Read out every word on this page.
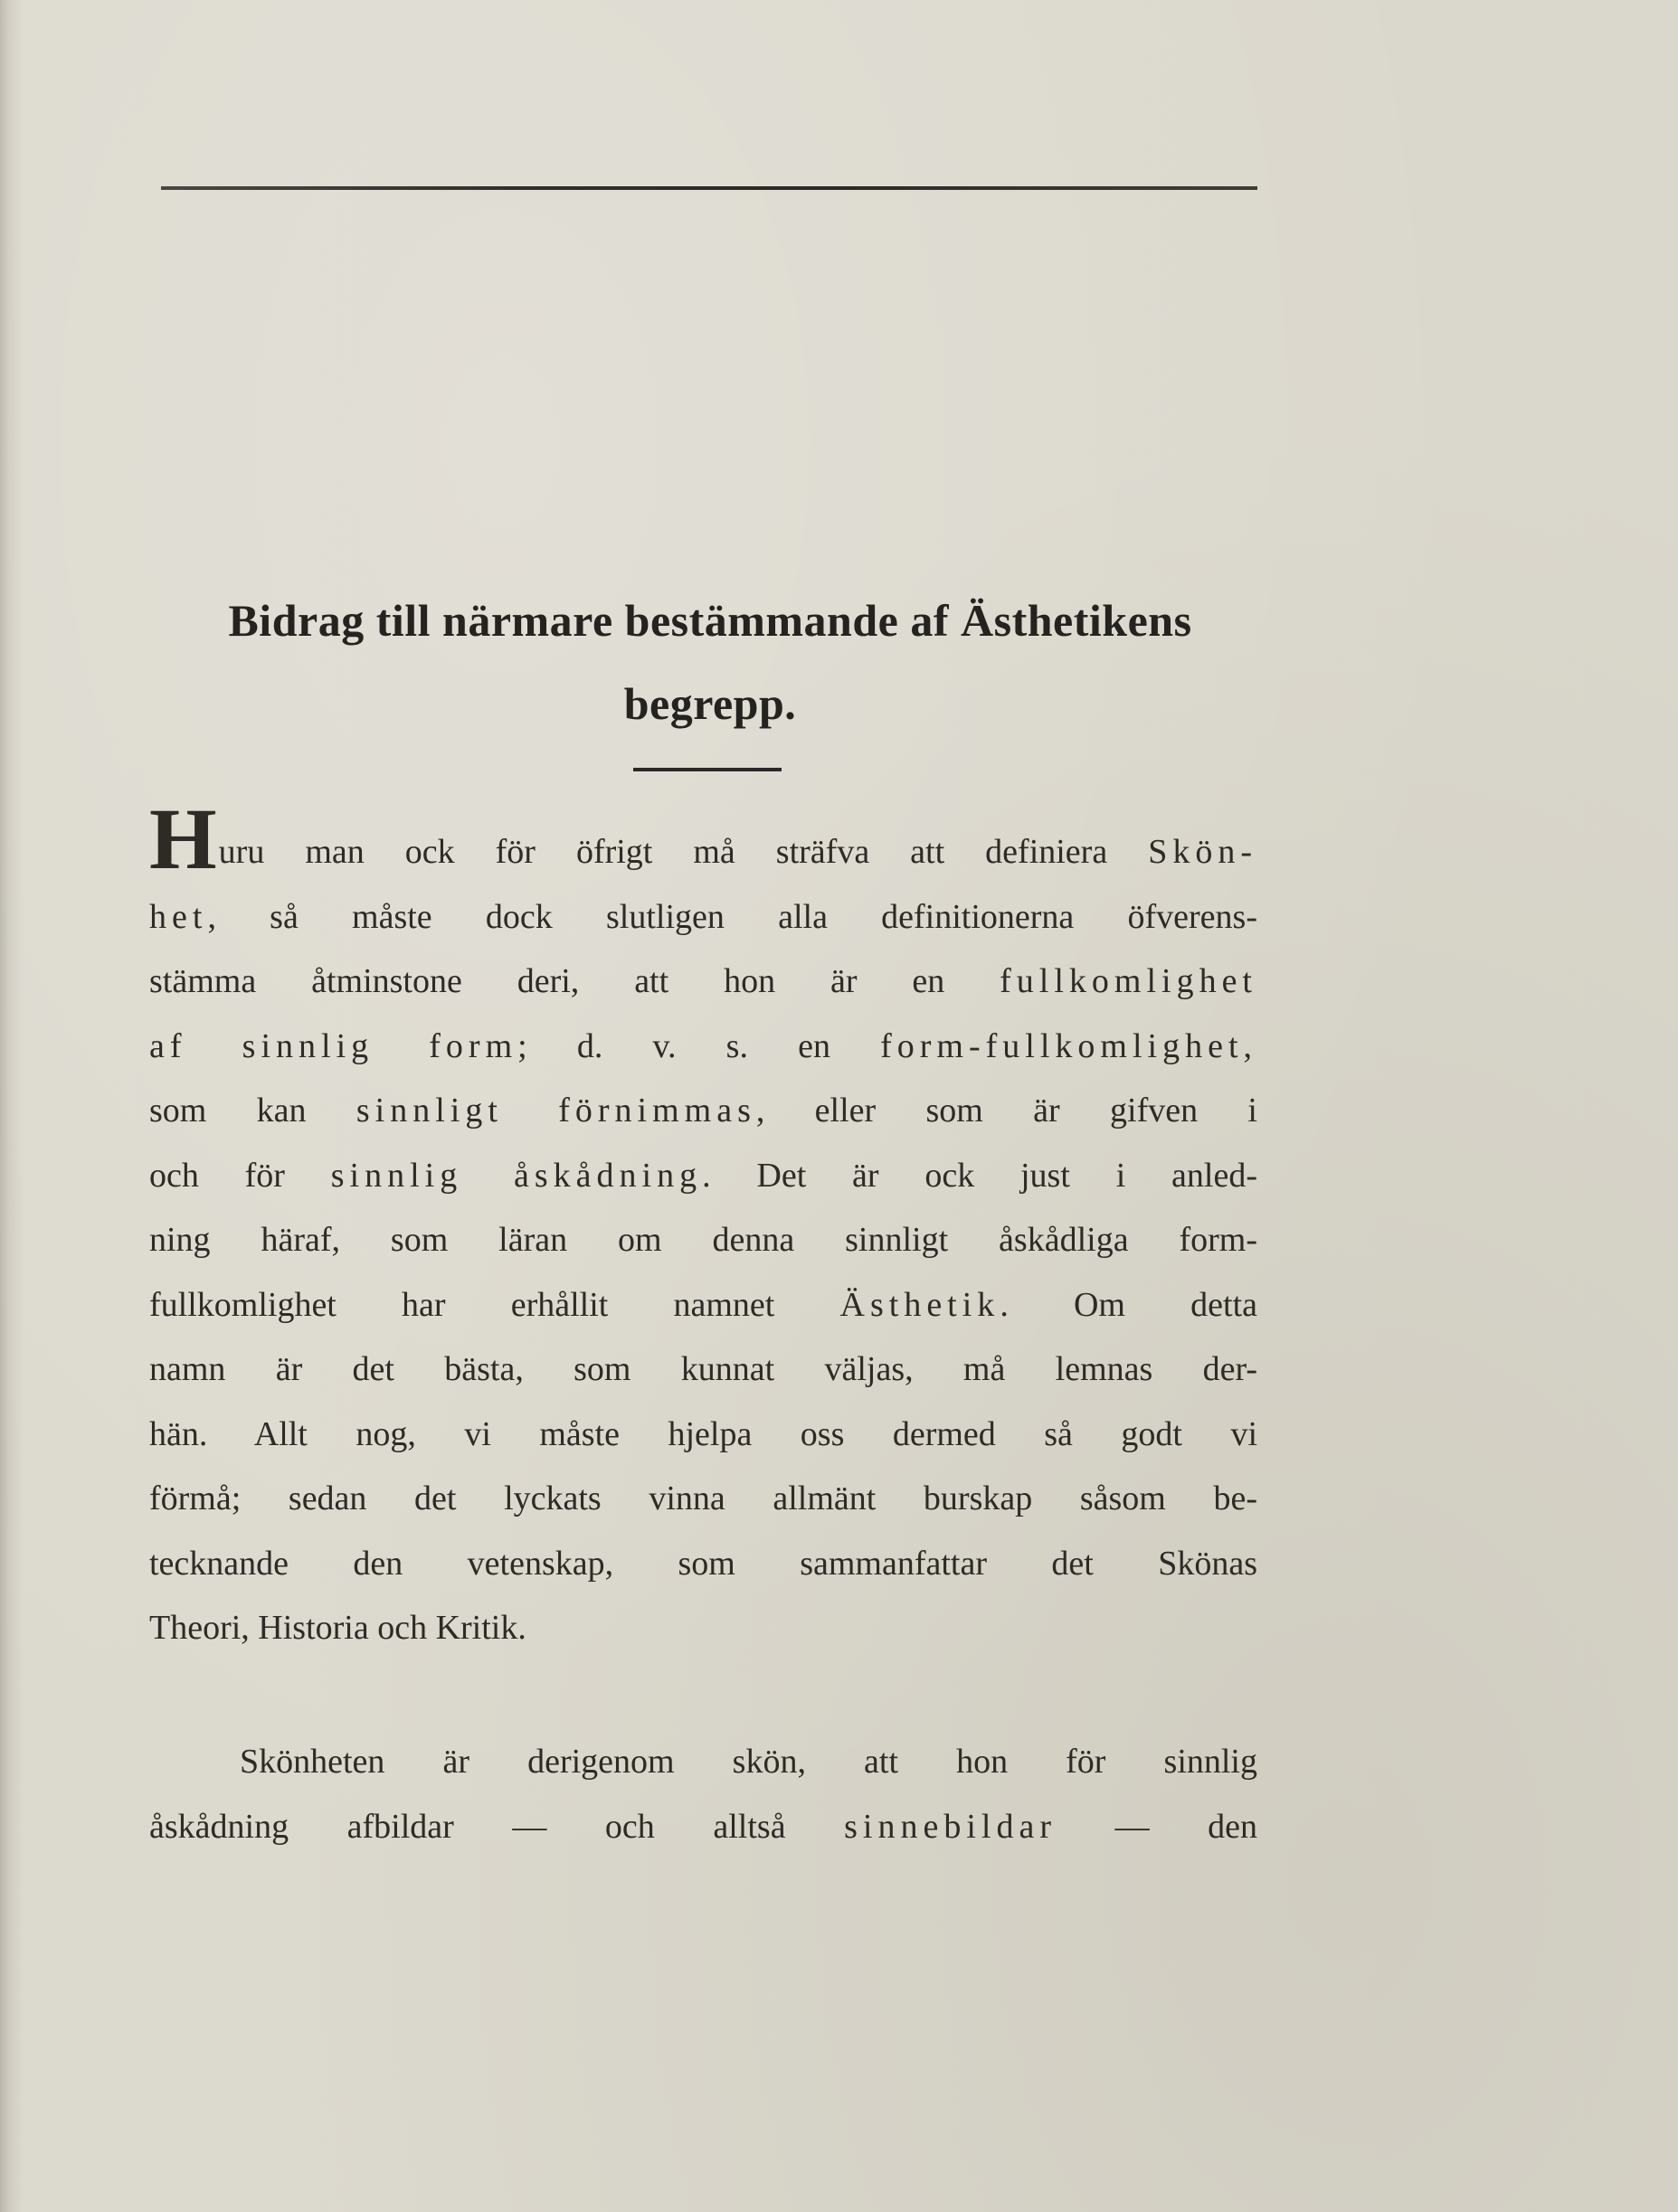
Bidrag till närmare bestämmande af Ästhetikens
begrepp.
Huru man ock för öfrigt må sträfva att definiera Skön-
het, så måste dock slutligen alla definitionerna öfverens-
stämma åtminstone deri, att hon är en fullkomlighet
af sinnlig form; d. v. s. en form-fullkomlighet,
som kan sinnligt förnimmas, eller som är gifven i
och för sinnlig åskådning. Det är ock just i anled-
ning häraf, som läran om denna sinnligt åskådliga form-
fullkomlighet har erhållit namnet Ästhetik. Om detta
namn är det bästa, som kunnat väljas, må lemnas der-
hän. Allt nog, vi måste hjelpa oss dermed så godt vi
förmå; sedan det lyckats vinna allmänt burskap såsom be-
tecknande den vetenskap, som sammanfattar det Skönas
Theori, Historia och Kritik.
Skönheten är derigenom skön, att hon för sinnlig
åskådning afbildar — och alltså sinnebildar — den
